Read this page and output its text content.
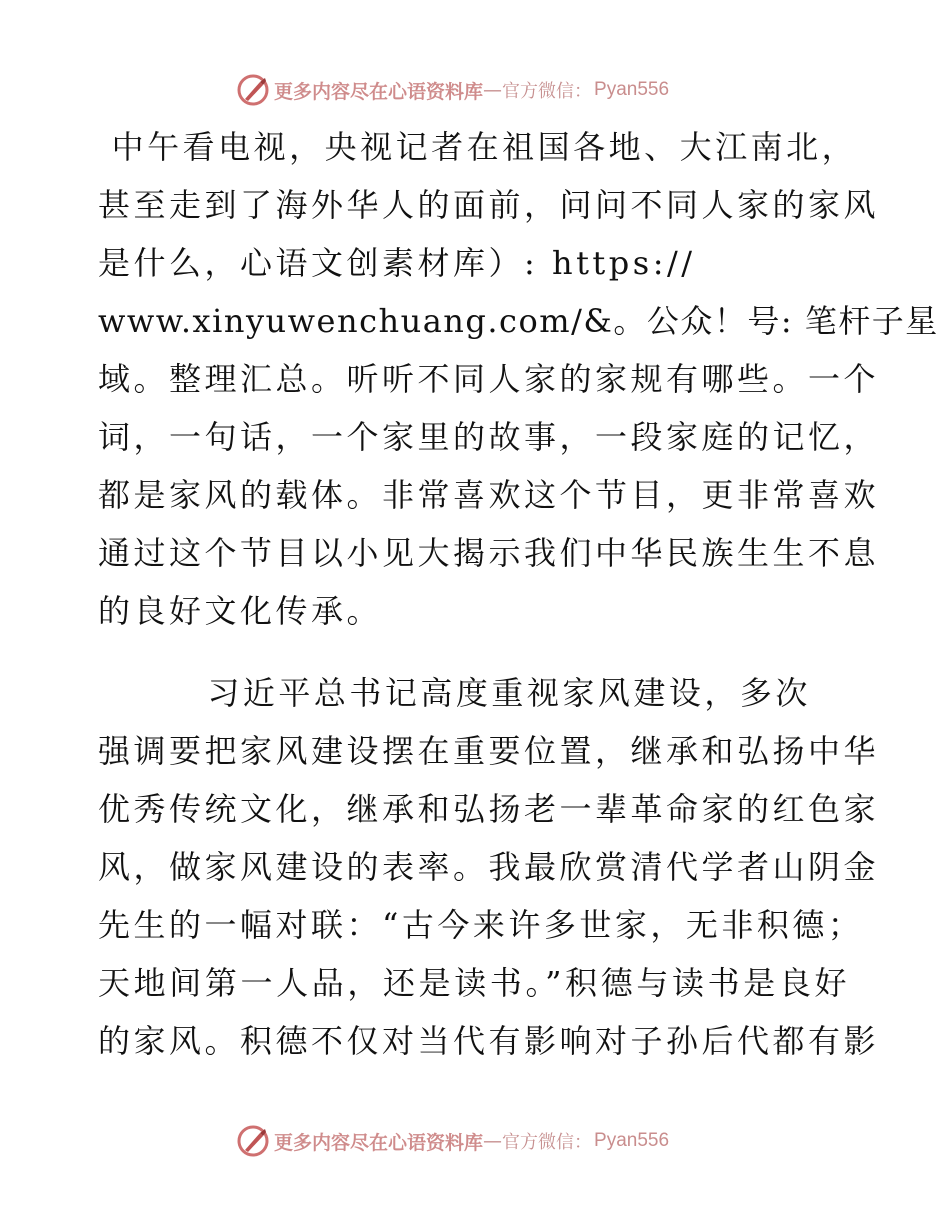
更多内容尽在心语资料库 — 官方微信： Pyan556
中午看电视，央视记者在祖国各地、大江南北，
甚至走到了海外华人的面前，问问不同人家的家风
是什么，心语文创素材库）: https://
www.xinyuwenchuang.com/&。公众！号: 笔杆子星
域。整理汇总。听听不同人家的家规有哪些。一个
词，一句话，一个家里的故事，一段家庭的记忆，
都是家风的载体。非常喜欢这个节目，更非常喜欢
通过这个节目以小见大揭示我们中华民族生生不息
的良好文化传承。
习近平总书记高度重视家风建设，多次
强调要把家风建设摆在重要位置，继承和弘扬中华
优秀传统文化，继承和弘扬老一辈革命家的红色家
风，做家风建设的表率。我最欣赏清代学者山阴金
先生的一幅对联：“古今来许多世家，无非积德；
天地间第一人品，还是读书。”积德与读书是良好
的家风。积德不仅对当代有影响对子孙后代都有影
更多内容尽在心语资料库 — 官方微信： Pyan556
